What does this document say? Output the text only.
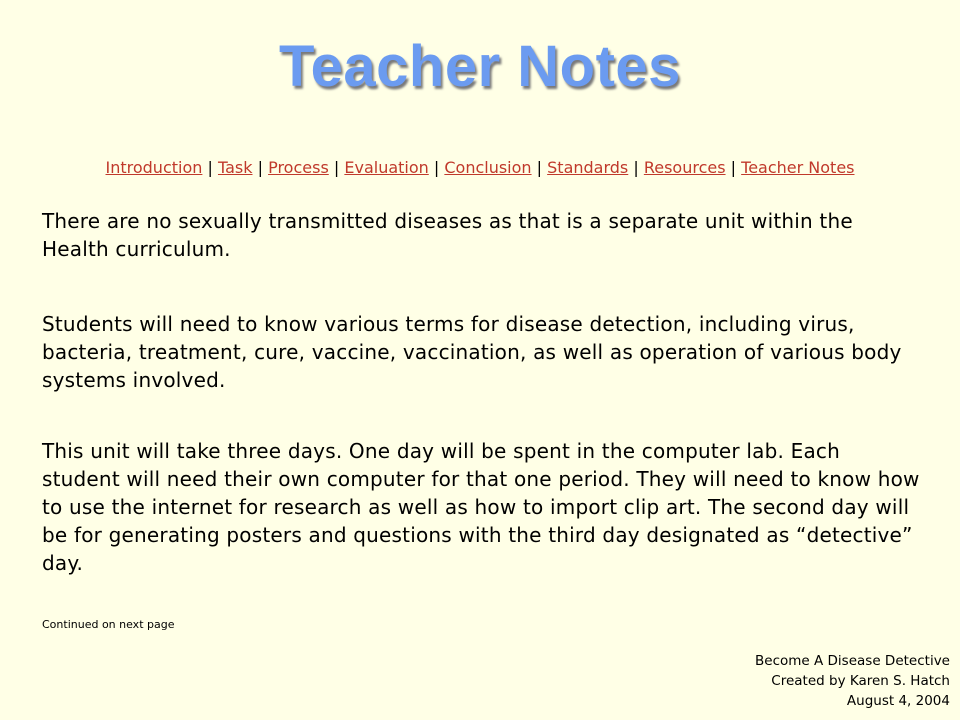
Teacher Notes
Introduction | Task | Process | Evaluation | Conclusion | Standards | Resources | Teacher Notes
There are no sexually transmitted diseases as that is a separate unit within the Health curriculum.
Students will need to know various terms for disease detection, including virus, bacteria, treatment, cure, vaccine, vaccination, as well as operation of various body systems involved.
This unit will take three days. One day will be spent in the computer lab. Each student will need their own computer for that one period. They will need to know how to use the internet for research as well as how to import clip art. The second day will be for generating posters and questions with the third day designated as “detective” day.
Continued on next page
Become A Disease Detective
Created by Karen S. Hatch
August 4, 2004
